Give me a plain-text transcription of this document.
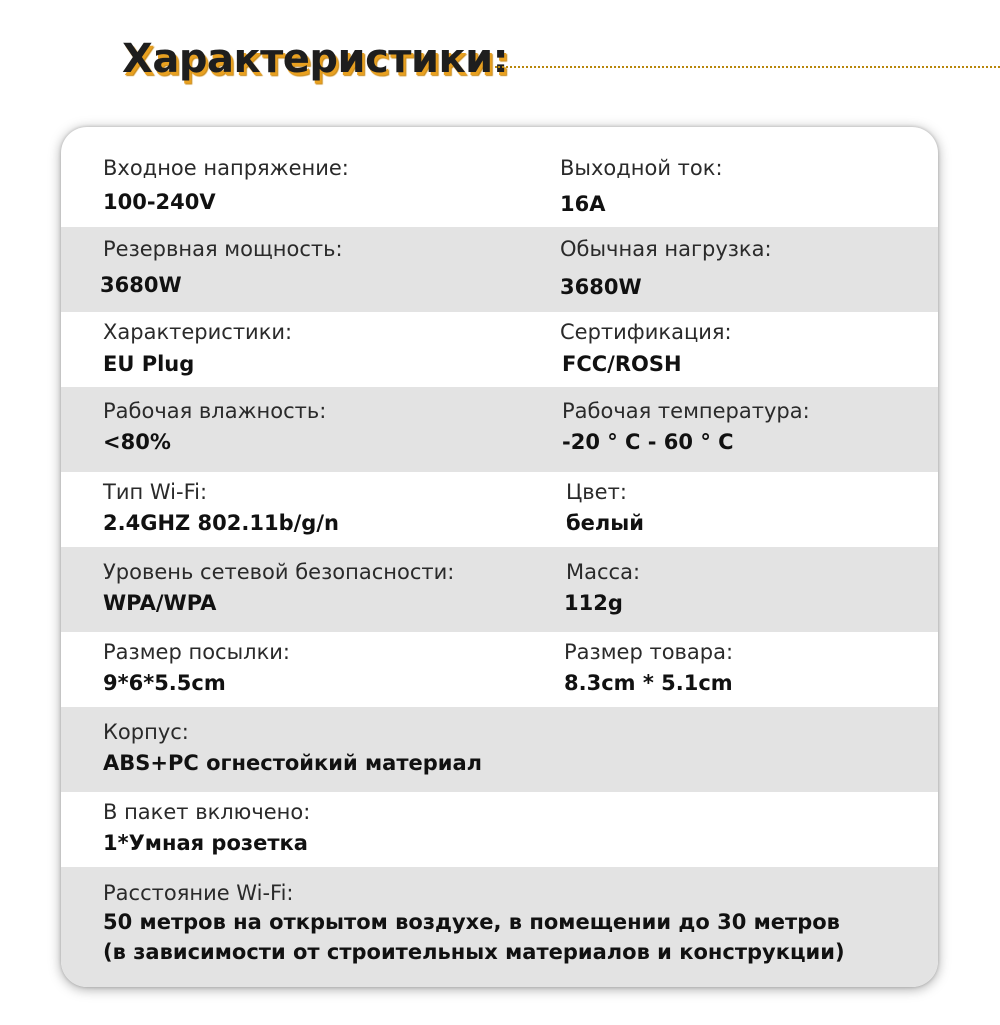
Характеристики:
Входное напряжение:
100-240V
Выходной ток:
16A
Резервная мощность:
3680W
Обычная нагрузка:
3680W
Характеристики:
EU Plug
Сертификация:
FCC/ROSH
Рабочая влажность:
<80%
Рабочая температура:
-20 ° C - 60 ° C
Тип Wi-Fi:
2.4GHZ 802.11b/g/n
Цвет:
белый
Уровень сетевой безопасности:
WPA/WPA
Масса:
112g
Размер посылки:
9*6*5.5cm
Размер товара:
8.3cm * 5.1cm
Корпус:
ABS+PC огнестойкий материал
В пакет включено:
1*Умная розетка
Расстояние Wi-Fi:
50 метров на открытом воздухе, в помещении до 30 метров
(в зависимости от строительных материалов и конструкции)
